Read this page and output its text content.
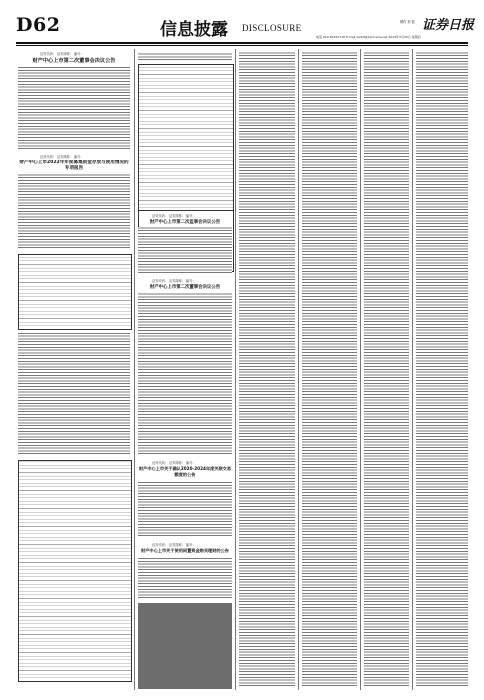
D62	信息披露 DISCLOSURE
制作 李 波 证券日报
电话 010-83251716 E-mail zqrb9@zqrb.sina.net 2023年3月30日 星期四
证券代码： 证券简称： 编号：
财产中心上市第二次董事会决议公告
证券代码： 证券简称： 编号：
财产中心上市2022年年度募集资金存放与使用情况的专项报告
证券代码： 证券简称： 编号：
财产中心上市第二次监事会决议公告
证券代码： 证券简称： 编号：
财产中心上市第二次董事会决议公告
证券代码： 证券简称： 编号：
财产中心上市关于确认2020-2024年度关联交易额度的公告
证券代码： 证券简称： 编号：
财产中心上市关于使用闲置资金购买理财的公告
